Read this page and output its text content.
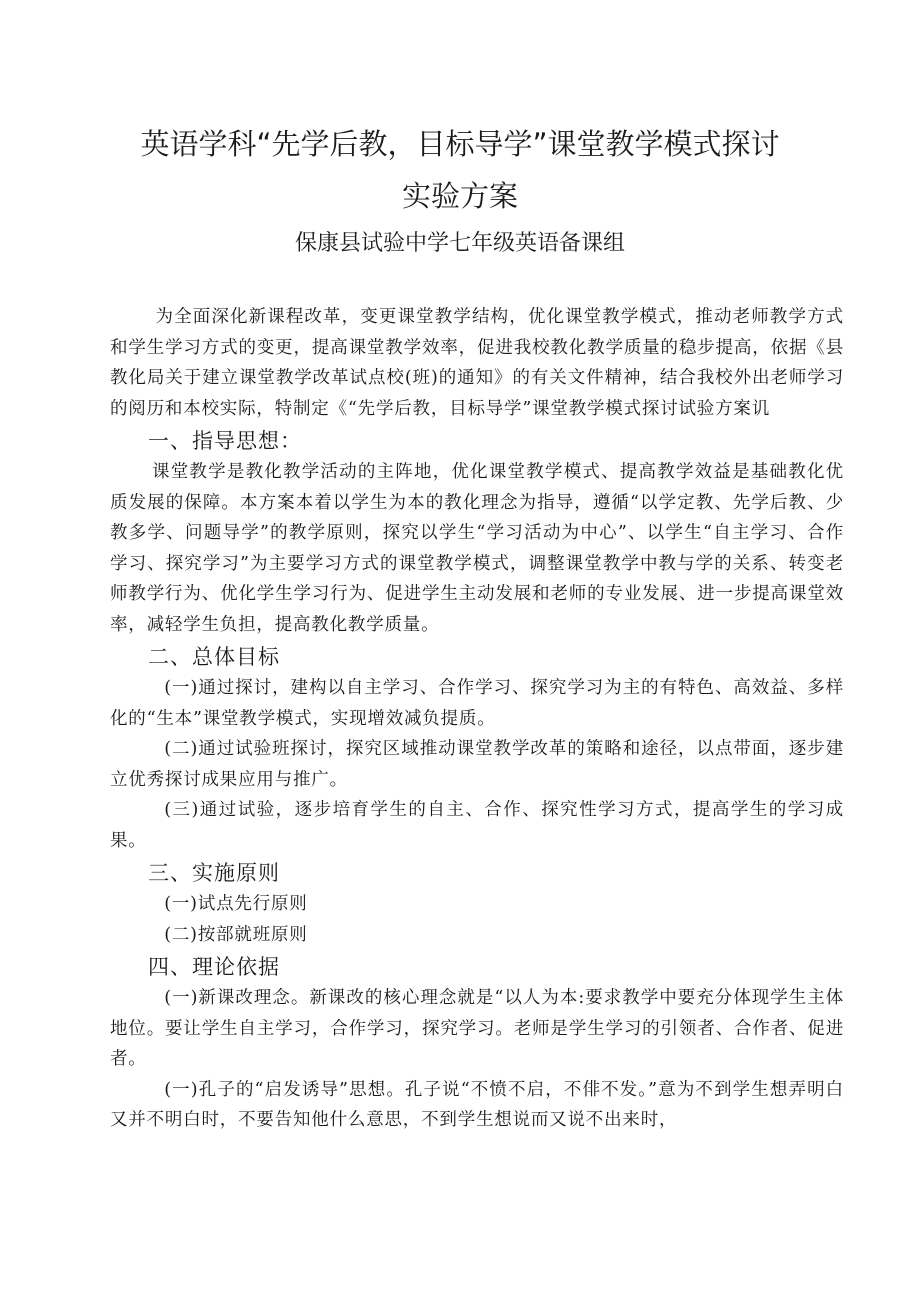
英语学科“先学后教，目标导学”课堂教学模式探讨
实验方案
保康县试验中学七年级英语备课组

为全面深化新课程改革，变更课堂教学结构，优化课堂教学模式，推动老师教学方式和学生学习方式的变更，提高课堂教学效率，促进我校教化教学质量的稳步提高，依据《县教化局关于建立课堂教学改革试点校(班)的通知》的有关文件精神，结合我校外出老师学习的阅历和本校实际，特制定《“先学后教，目标导学”课堂教学模式探讨试验方案讥

一、指导思想：

课堂教学是教化教学活动的主阵地，优化课堂教学模式、提高教学效益是基础教化优质发展的保障。本方案本着以学生为本的教化理念为指导，遵循“以学定教、先学后教、少教多学、问题导学”的教学原则，探究以学生“学习活动为中心”、以学生“自主学习、合作学习、探究学习”为主要学习方式的课堂教学模式，调整课堂教学中教与学的关系、转变老师教学行为、优化学生学习行为、促进学生主动发展和老师的专业发展、进一步提高课堂效率，减轻学生负担，提高教化教学质量。

二、总体目标

(一)通过探讨，建构以自主学习、合作学习、探究学习为主的有特色、高效益、多样化的“生本”课堂教学模式，实现增效减负提质。

(二)通过试验班探讨，探究区域推动课堂教学改革的策略和途径，以点带面，逐步建立优秀探讨成果应用与推广。

(三)通过试验，逐步培育学生的自主、合作、探究性学习方式，提高学生的学习成果。

三、实施原则

(一)试点先行原则

(二)按部就班原则

四、理论依据

(一)新课改理念。新课改的核心理念就是“以人为本:要求教学中要充分体现学生主体地位。要让学生自主学习，合作学习，探究学习。老师是学生学习的引领者、合作者、促进者。

(一)孔子的“启发诱导”思想。孔子说“不愤不启，不俳不发。”意为不到学生想弄明白又并不明白时，不要告知他什么意思，不到学生想说而又说不出来时，
